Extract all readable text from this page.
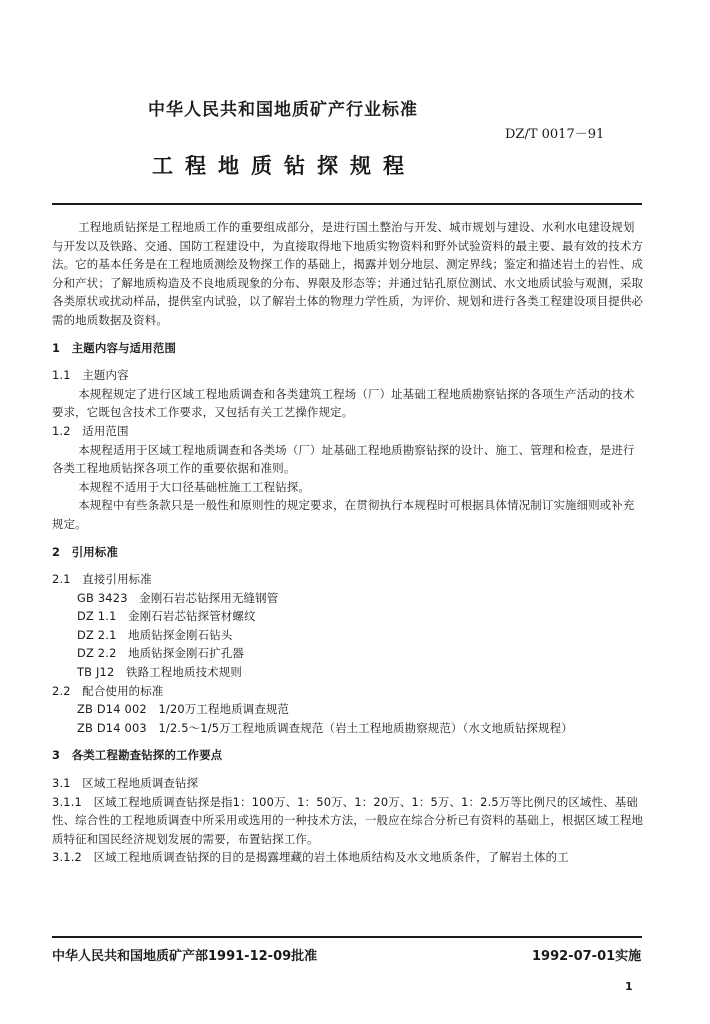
中华人民共和国地质矿产行业标准
DZ/T 0017－91
工程地质钻探规程

工程地质钻探是工程地质工作的重要组成部分，是进行国土整治与开发、城市规划与建设、水利水电建设规划与开发以及铁路、交通、国防工程建设中，为直接取得地下地质实物资料和野外试验资料的最主要、最有效的技术方法。它的基本任务是在工程地质测绘及物探工作的基础上，揭露并划分地层、测定界线；鉴定和描述岩土的岩性、成分和产状；了解地质构造及不良地质现象的分布、界限及形态等；并通过钻孔原位测试、水文地质试验与观测，采取各类原状或扰动样品，提供室内试验，以了解岩土体的物理力学性质，为评价、规划和进行各类工程建设项目提供必需的地质数据及资料。

1　主题内容与适用范围

1.1　主题内容

本规程规定了进行区域工程地质调查和各类建筑工程场（厂）址基础工程地质勘察钻探的各项生产活动的技术要求，它既包含技术工作要求，又包括有关工艺操作规定。

1.2　适用范围

本规程适用于区域工程地质调查和各类场（厂）址基础工程地质勘察钻探的设计、施工、管理和检查，是进行各类工程地质钻探各项工作的重要依据和准则。

本规程不适用于大口径基础桩施工工程钻探。

本规程中有些条款只是一般性和原则性的规定要求，在贯彻执行本规程时可根据具体情况制订实施细则或补充规定。

2　引用标准

2.1　直接引用标准

GB 3423　金刚石岩芯钻探用无缝钢管

DZ 1.1　金刚石岩芯钻探管材螺纹

DZ 2.1　地质钻探金刚石钻头

DZ 2.2　地质钻探金刚石扩孔器

TB J12　铁路工程地质技术规则

2.2　配合使用的标准

ZB D14 002　1/20万工程地质调查规范

ZB D14 003　1/2.5～1/5万工程地质调查规范（岩土工程地质勘察规范）（水文地质钻探规程）

3　各类工程勘查钻探的工作要点

3.1　区域工程地质调查钻探

3.1.1　区域工程地质调查钻探是指1：100万、1：50万、1：20万、1：5万、1：2.5万等比例尺的区域性、基础性、综合性的工程地质调查中所采用或选用的一种技术方法，一般应在综合分析已有资料的基础上，根据区域工程地质特征和国民经济规划发展的需要，布置钻探工作。

3.1.2　区域工程地质调查钻探的目的是揭露埋藏的岩土体地质结构及水文地质条件，了解岩土体的工

中华人民共和国地质矿产部1991-12-09批准	1992-07-01实施
1
